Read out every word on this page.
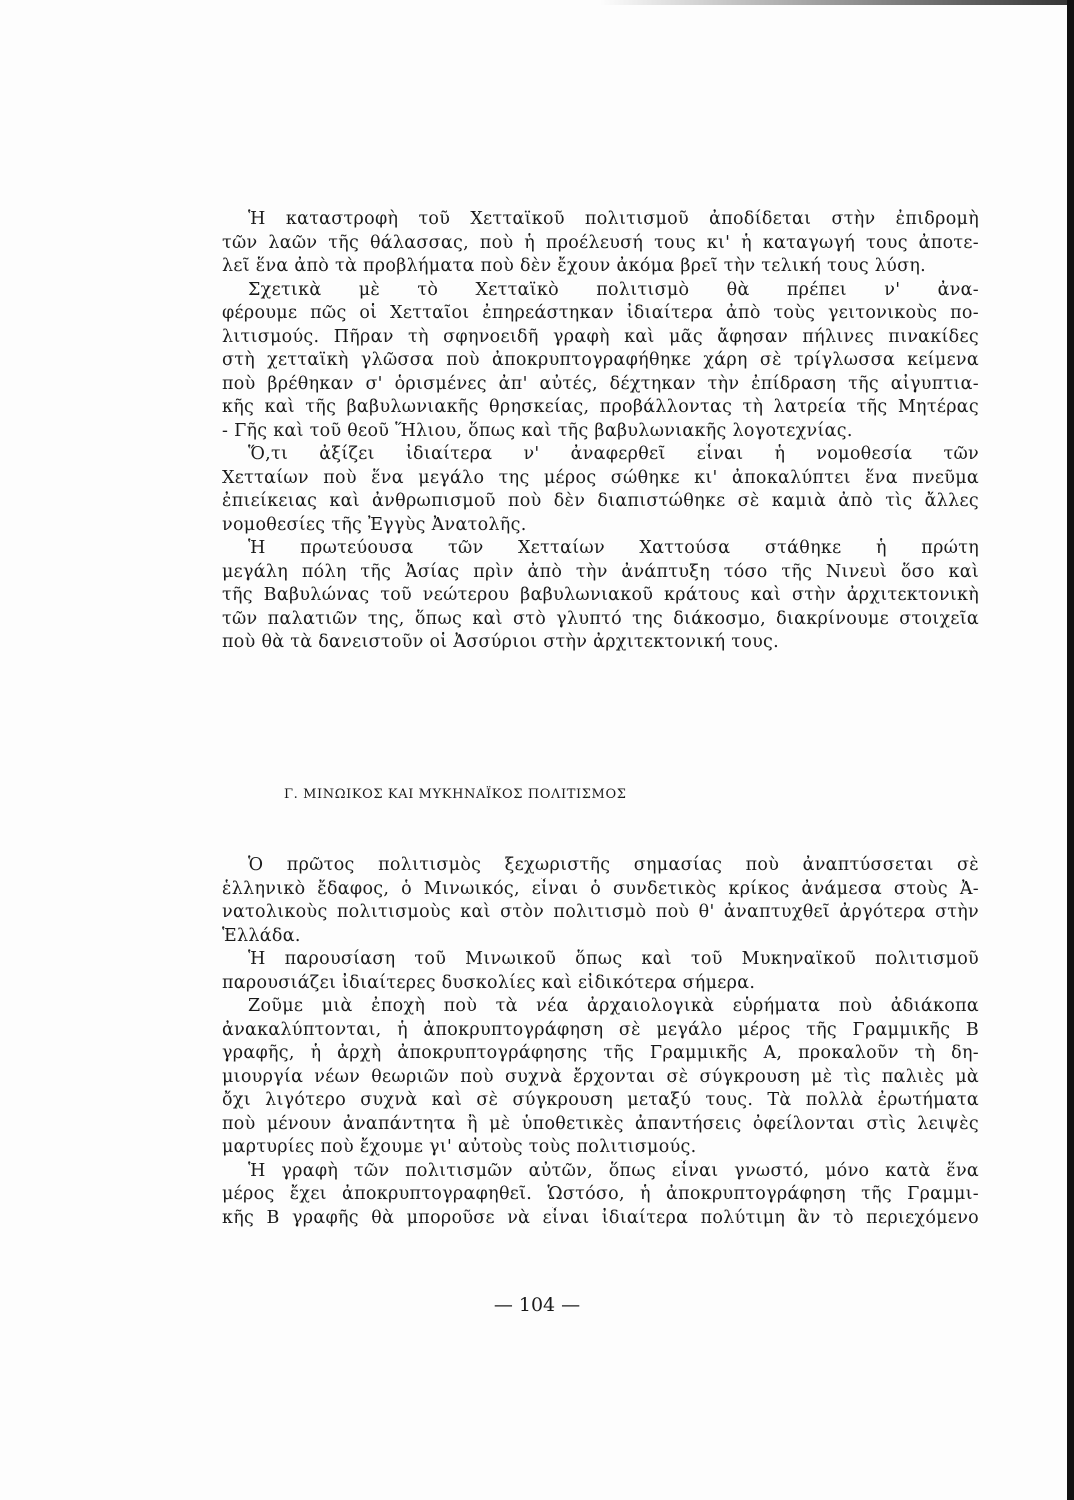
Ἡ καταστροφὴ τοῦ Χετταϊκοῦ πολιτισμοῦ ἀποδίδεται στὴν ἐπιδρομὴ
τῶν λαῶν τῆς θάλασσας, ποὺ ἡ προέλευσή τους κι' ἡ καταγωγή τους ἀποτε-
λεῖ ἕνα ἀπὸ τὰ προβλήματα ποὺ δὲν ἔχουν ἀκόμα βρεῖ τὴν τελική τους λύση.
Σχετικὰ μὲ τὸ Χετταϊκὸ πολιτισμὸ θὰ πρέπει ν' ἀνα-
φέρουμε πῶς οἱ Χετταῖοι ἐπηρεάστηκαν ἰδιαίτερα ἀπὸ τοὺς γειτονικοὺς πο-
λιτισμούς. Πῆραν τὴ σφηνοειδῆ γραφὴ καὶ μᾶς ἄφησαν πήλινες πινακίδες
στὴ χετταϊκὴ γλῶσσα ποὺ ἀποκρυπτογραφήθηκε χάρη σὲ τρίγλωσσα κείμενα
ποὺ βρέθηκαν σ' ὁρισμένες ἀπ' αὐτές, δέχτηκαν τὴν ἐπίδραση τῆς αἰγυπτια-
κῆς καὶ τῆς βαβυλωνιακῆς θρησκείας, προβάλλοντας τὴ λατρεία τῆς Μητέρας
- Γῆς καὶ τοῦ θεοῦ Ἥλιου, ὅπως καὶ τῆς βαβυλωνιακῆς λογοτεχνίας.
Ὅ,τι ἀξίζει ἰδιαίτερα ν' ἀναφερθεῖ εἶναι ἡ νομοθεσία τῶν
Χετταίων ποὺ ἕνα μεγάλο της μέρος σώθηκε κι' ἀποκαλύπτει ἕνα πνεῦμα
ἐπιείκειας καὶ ἀνθρωπισμοῦ ποὺ δὲν διαπιστώθηκε σὲ καμιὰ ἀπὸ τὶς ἄλλες
νομοθεσίες τῆς Ἐγγὺς Ἀνατολῆς.
Ἡ πρωτεύουσα τῶν Χετταίων Χαττούσα στάθηκε ἡ πρώτη
μεγάλη πόλη τῆς Ἀσίας πρὶν ἀπὸ τὴν ἀνάπτυξη τόσο τῆς Νινευὶ ὅσο καὶ
τῆς Βαβυλώνας τοῦ νεώτερου βαβυλωνιακοῦ κράτους καὶ στὴν ἀρχιτεκτονικὴ
τῶν παλατιῶν της, ὅπως καὶ στὸ γλυπτό της διάκοσμο, διακρίνουμε στοιχεῖα
ποὺ θὰ τὰ δανειστοῦν οἱ Ἀσσύριοι στὴν ἀρχιτεκτονική τους.
Γ. ΜΙΝΩΙΚΟΣ ΚΑΙ ΜΥΚΗΝΑΪΚΟΣ ΠΟΛΙΤΙΣΜΟΣ
Ὁ πρῶτος πολιτισμὸς ξεχωριστῆς σημασίας ποὺ ἀναπτύσσεται σὲ
ἑλληνικὸ ἔδαφος, ὁ Μινωικός, εἶναι ὁ συνδετικὸς κρίκος ἀνάμεσα στοὺς Ἀ-
νατολικοὺς πολιτισμοὺς καὶ στὸν πολιτισμὸ ποὺ θ' ἀναπτυχθεῖ ἀργότερα στὴν
Ἑλλάδα.
Ἡ παρουσίαση τοῦ Μινωικοῦ ὅπως καὶ τοῦ Μυκηναϊκοῦ πολιτισμοῦ
παρουσιάζει ἰδιαίτερες δυσκολίες καὶ εἰδικότερα σήμερα.
Ζοῦμε μιὰ ἐποχὴ ποὺ τὰ νέα ἀρχαιολογικὰ εὑρήματα ποὺ ἀδιάκοπα
ἀνακαλύπτονται, ἡ ἀποκρυπτογράφηση σὲ μεγάλο μέρος τῆς Γραμμικῆς Β
γραφῆς, ἡ ἀρχὴ ἀποκρυπτογράφησης τῆς Γραμμικῆς Α, προκαλοῦν τὴ δη-
μιουργία νέων θεωριῶν ποὺ συχνὰ ἔρχονται σὲ σύγκρουση μὲ τὶς παλιὲς μὰ
ὄχι λιγότερο συχνὰ καὶ σὲ σύγκρουση μεταξύ τους. Τὰ πολλὰ ἐρωτήματα
ποὺ μένουν ἀναπάντητα ἢ μὲ ὑποθετικὲς ἀπαντήσεις ὀφείλονται στὶς λειψὲς
μαρτυρίες ποὺ ἔχουμε γι' αὐτοὺς τοὺς πολιτισμούς.
Ἡ γραφὴ τῶν πολιτισμῶν αὐτῶν, ὅπως εἶναι γνωστό, μόνο κατὰ ἕνα
μέρος ἔχει ἀποκρυπτογραφηθεῖ. Ὡστόσο, ἡ ἀποκρυπτογράφηση τῆς Γραμμι-
κῆς Β γραφῆς θὰ μποροῦσε νὰ εἶναι ἰδιαίτερα πολύτιμη ἂν τὸ περιεχόμενο
— 104 —
